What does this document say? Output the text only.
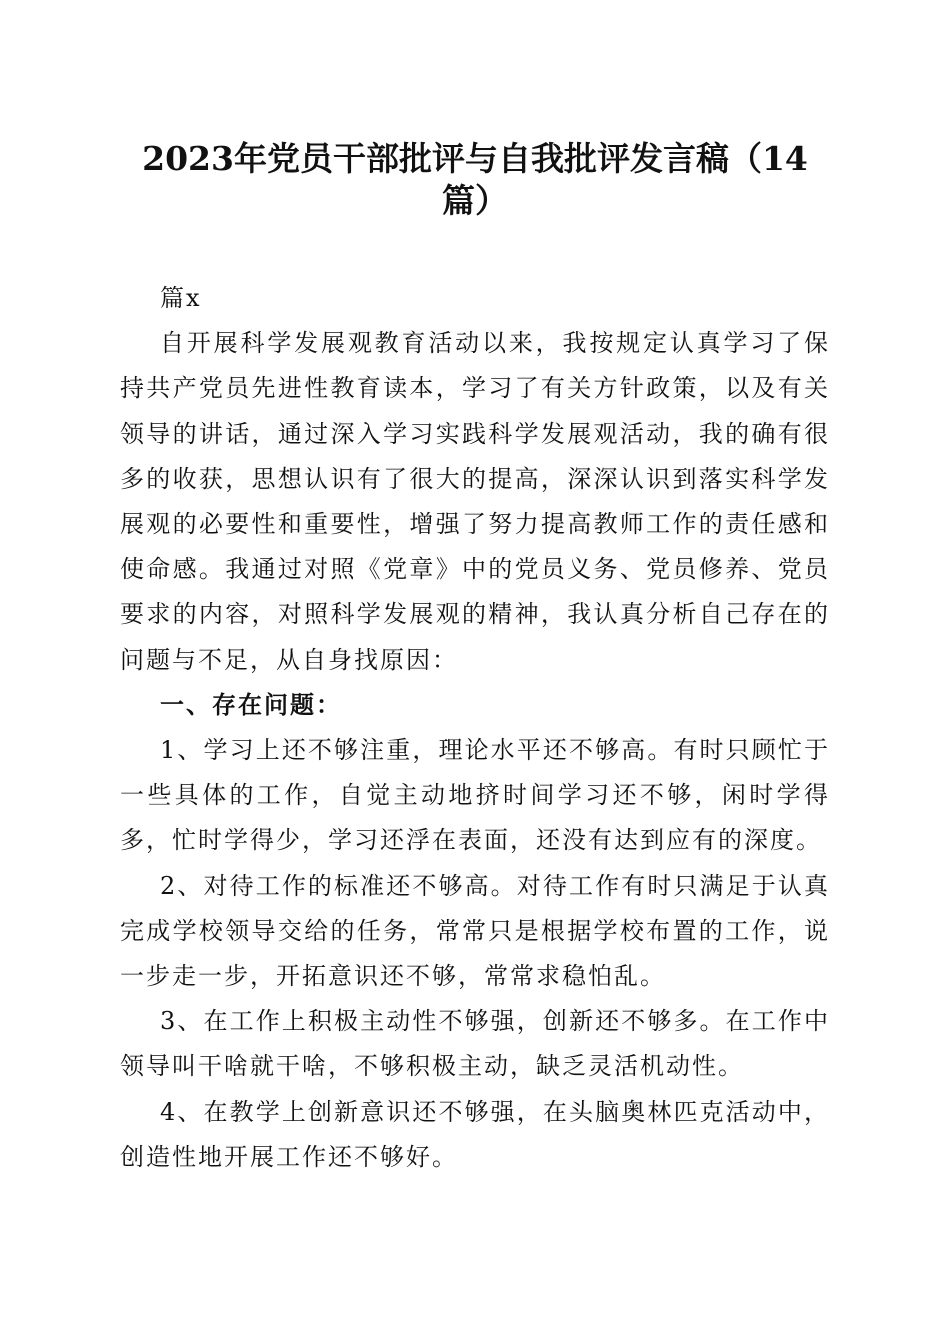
2023年党员干部批评与自我批评发言稿（14
篇）

篇x

自开展科学发展观教育活动以来，我按规定认真学习了保持共产党员先进性教育读本，学习了有关方针政策，以及有关领导的讲话，通过深入学习实践科学发展观活动，我的确有很多的收获，思想认识有了很大的提高，深深认识到落实科学发展观的必要性和重要性，增强了努力提高教师工作的责任感和使命感。我通过对照《党章》中的党员义务、党员修养、党员要求的内容，对照科学发展观的精神，我认真分析自己存在的问题与不足，从自身找原因：

一、存在问题：

1、学习上还不够注重，理论水平还不够高。有时只顾忙于一些具体的工作，自觉主动地挤时间学习还不够，闲时学得多，忙时学得少，学习还浮在表面，还没有达到应有的深度。

2、对待工作的标准还不够高。对待工作有时只满足于认真完成学校领导交给的任务，常常只是根据学校布置的工作，说一步走一步，开拓意识还不够，常常求稳怕乱。

3、在工作上积极主动性不够强，创新还不够多。在工作中领导叫干啥就干啥，不够积极主动，缺乏灵活机动性。

4、在教学上创新意识还不够强，在头脑奥林匹克活动中，创造性地开展工作还不够好。
